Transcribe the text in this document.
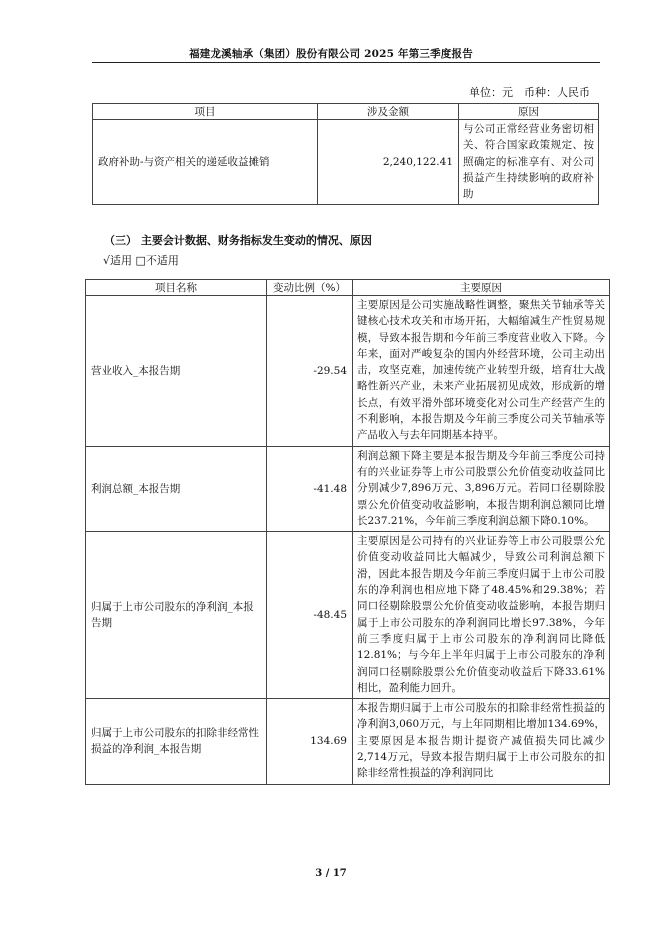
福建龙溪轴承（集团）股份有限公司 2025 年第三季度报告
单位：元　币种：人民币
项目	涉及金额	原因
政府补助-与资产相关的递延收益摊销	2,240,122.41	与公司正常经营业务密切相关、符合国家政策规定、按照确定的标准享有、对公司损益产生持续影响的政府补助
（三） 主要会计数据、财务指标发生变动的情况、原因
√适用 □不适用
项目名称	变动比例（%）	主要原因
营业收入_本报告期	-29.54	主要原因是公司实施战略性调整，聚焦关节轴承等关键核心技术攻关和市场开拓，大幅缩减生产性贸易规模，导致本报告期和今年前三季度营业收入下降。今年来，面对严峻复杂的国内外经营环境，公司主动出击，攻坚克难，加速传统产业转型升级，培育壮大战略性新兴产业，未来产业拓展初见成效，形成新的增长点，有效平滑外部环境变化对公司生产经营产生的不利影响，本报告期及今年前三季度公司关节轴承等产品收入与去年同期基本持平。
利润总额_本报告期	-41.48	利润总额下降主要是本报告期及今年前三季度公司持有的兴业证券等上市公司股票公允价值变动收益同比分别减少7,896万元、3,896万元。若同口径剔除股票公允价值变动收益影响，本报告期利润总额同比增长237.21%，今年前三季度利润总额下降0.10%。
归属于上市公司股东的净利润_本报告期	-48.45	主要原因是公司持有的兴业证券等上市公司股票公允价值变动收益同比大幅减少，导致公司利润总额下滑，因此本报告期及今年前三季度归属于上市公司股东的净利润也相应地下降了48.45%和29.38%；若同口径剔除股票公允价值变动收益影响，本报告期归属于上市公司股东的净利润同比增长97.38%，今年前三季度归属于上市公司股东的净利润同比降低12.81%；与今年上半年归属于上市公司股东的净利润同口径剔除股票公允价值变动收益后下降33.61%相比，盈利能力回升。
归属于上市公司股东的扣除非经常性损益的净利润_本报告期	134.69	本报告期归属于上市公司股东的扣除非经常性损益的净利润3,060万元，与上年同期相比增加134.69%，主要原因是本报告期计提资产减值损失同比减少2,714万元，导致本报告期归属于上市公司股东的扣除非经常性损益的净利润同比
3 / 17
